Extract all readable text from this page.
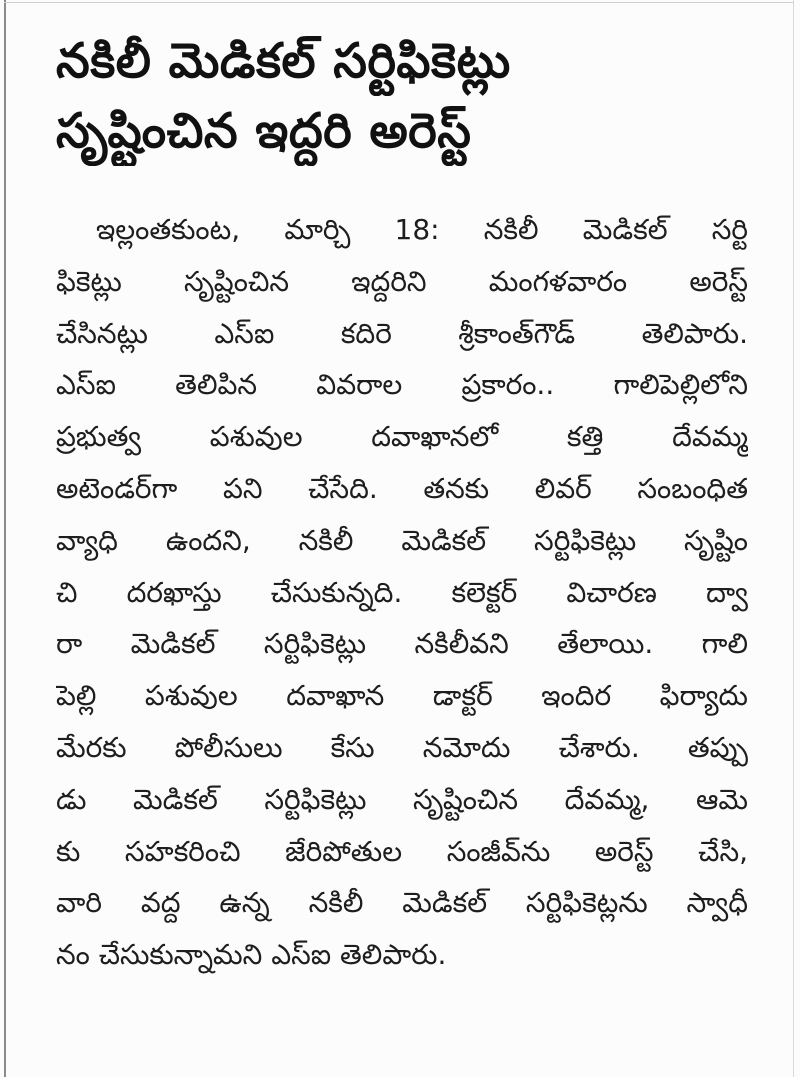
నకిలీ మెడికల్ సర్టిఫికెట్లు
సృష్టించిన ఇద్దరి అరెస్ట్
ఇల్లంతకుంట, మార్చి 18: నకిలీ మెడికల్ సర్టి
ఫికెట్లు సృష్టించిన ఇద్దరిని మంగళవారం అరెస్ట్
చేసినట్లు ఎస్ఐ కదిరె శ్రీకాంత్‌గౌడ్ తెలిపారు.
ఎస్ఐ తెలిపిన వివరాల ప్రకారం.. గాలిపెల్లిలోని
ప్రభుత్వ పశువుల దవాఖానలో కత్తి దేవమ్మ
అటెండర్‌గా పని చేసేది. తనకు లివర్ సంబంధిత
వ్యాధి ఉందని, నకిలీ మెడికల్ సర్టిఫికెట్లు సృష్టిం
చి దరఖాస్తు చేసుకున్నది. కలెక్టర్ విచారణ ద్వా
రా మెడికల్ సర్టిఫికెట్లు నకిలీవని తేలాయి. గాలి
పెల్లి పశువుల దవాఖాన డాక్టర్ ఇందిర ఫిర్యాదు
మేరకు పోలీసులు కేసు నమోదు చేశారు. తప్పు
డు మెడికల్ సర్టిఫికెట్లు సృష్టించిన దేవమ్మ, ఆమె
కు సహకరించి జేరిపోతుల సంజీవ్‌ను అరెస్ట్ చేసి,
వారి వద్ద ఉన్న నకిలీ మెడికల్ సర్టిఫికెట్లను స్వాధీ
నం చేసుకున్నామని ఎస్ఐ తెలిపారు.
